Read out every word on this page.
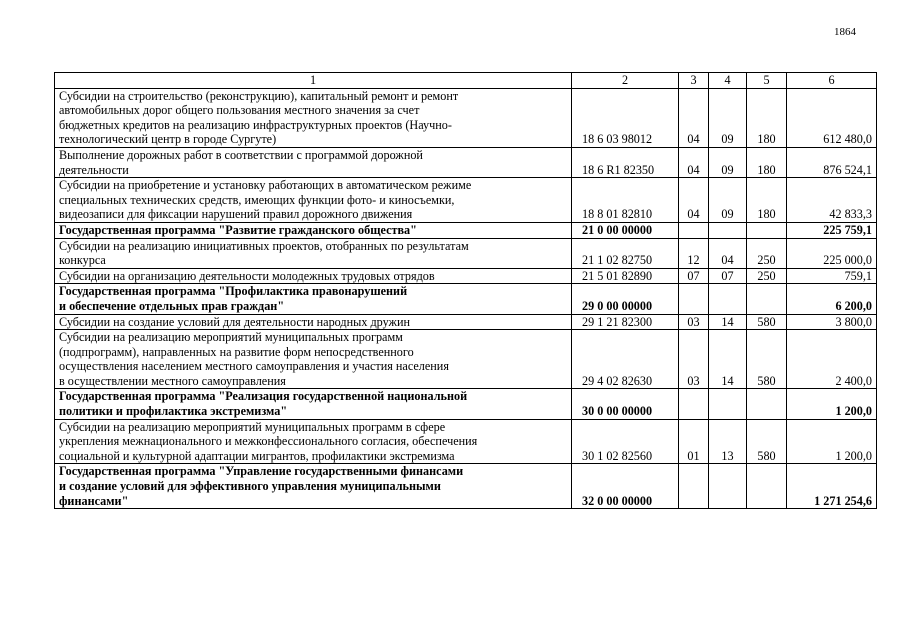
1864
1	2	3	4	5	6

Субсидии на строительство (реконструкцию), капитальный ремонт и ремонт
автомобильных дорог общего пользования местного значения за счет
бюджетных кредитов на реализацию инфраструктурных проектов (Научно-
технологический центр в городе Сургуте)	18 6 03 98012	04	09	180	612 480,0

Выполнение дорожных работ в соответствии с программой дорожной
деятельности	18 6 R1 82350	04	09	180	876 524,1

Субсидии на приобретение и установку работающих в автоматическом режиме
специальных технических средств, имеющих функции фото- и киносъемки,
видеозаписи для фиксации нарушений правил дорожного движения	18 8 01 82810	04	09	180	42 833,3

Государственная программа "Развитие гражданского общества"	21 0 00 00000				225 759,1

Субсидии на реализацию инициативных проектов, отобранных по результатам
конкурса	21 1 02 82750	12	04	250	225 000,0

Субсидии на организацию деятельности молодежных трудовых отрядов	21 5 01 82890	07	07	250	759,1

Государственная программа "Профилактика правонарушений
и обеспечение отдельных прав граждан"	29 0 00 00000				6 200,0

Субсидии на создание условий для деятельности народных дружин	29 1 21 82300	03	14	580	3 800,0

Субсидии на реализацию мероприятий муниципальных программ
(подпрограмм), направленных на развитие форм непосредственного
осуществления населением местного самоуправления и участия населения
в осуществлении местного самоуправления	29 4 02 82630	03	14	580	2 400,0

Государственная программа "Реализация государственной национальной
политики и профилактика экстремизма"	30 0 00 00000				1 200,0

Субсидии на реализацию мероприятий муниципальных программ в сфере
укрепления межнационального и межконфессионального согласия, обеспечения
социальной и культурной адаптации мигрантов, профилактики экстремизма	30 1 02 82560	01	13	580	1 200,0

Государственная программа "Управление государственными финансами
и создание условий для эффективного управления муниципальными
финансами"	32 0 00 00000				1 271 254,6
